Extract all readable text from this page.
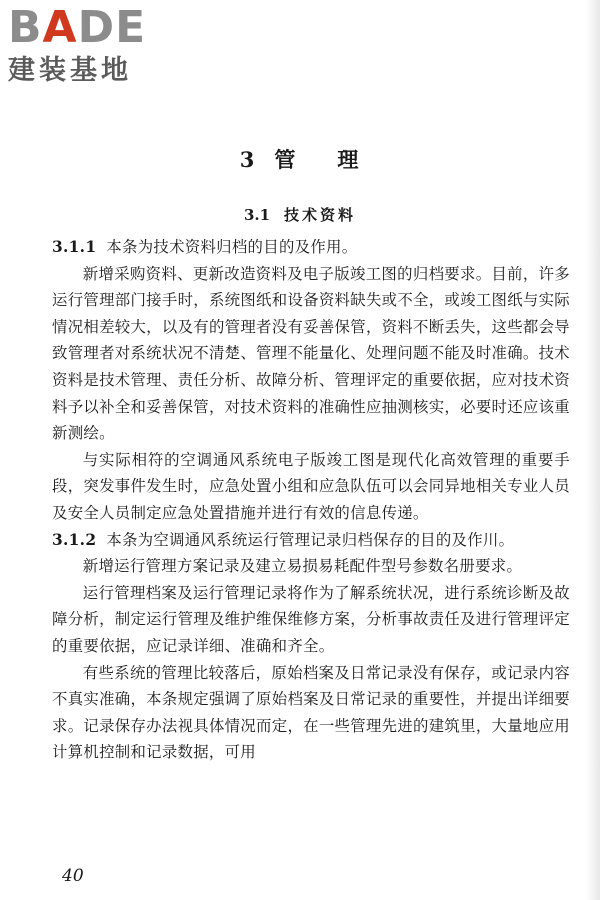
BADE
建装基地
3 管 理
3.1 技术资料

3.1.1 本条为技术资料归档的目的及作用。

新增采购资料、更新改造资料及电子版竣工图的归档要求。目前，许多运行管理部门接手时，系统图纸和设备资料缺失或不全，或竣工图纸与实际情况相差较大，以及有的管理者没有妥善保管，资料不断丢失，这些都会导致管理者对系统状况不清楚、管理不能量化、处理问题不能及时准确。技术资料是技术管理、责任分析、故障分析、管理评定的重要依据，应对技术资料予以补全和妥善保管，对技术资料的准确性应抽测核实，必要时还应该重新测绘。

与实际相符的空调通风系统电子版竣工图是现代化高效管理的重要手段，突发事件发生时，应急处置小组和应急队伍可以会同异地相关专业人员及安全人员制定应急处置措施并进行有效的信息传递。

3.1.2 本条为空调通风系统运行管理记录归档保存的目的及作川。

新增运行管理方案记录及建立易损易耗配件型号参数名册要求。

运行管理档案及运行管理记录将作为了解系统状况，进行系统诊断及故障分析，制定运行管理及维护维保维修方案，分析事故责任及进行管理评定的重要依据，应记录详细、准确和齐全。

有些系统的管理比较落后，原始档案及日常记录没有保存，或记录内容不真实准确，本条规定强调了原始档案及日常记录的重要性，并提出详细要求。记录保存办法视具体情况而定，在一些管理先进的建筑里，大量地应用计算机控制和记录数据，可用

40
